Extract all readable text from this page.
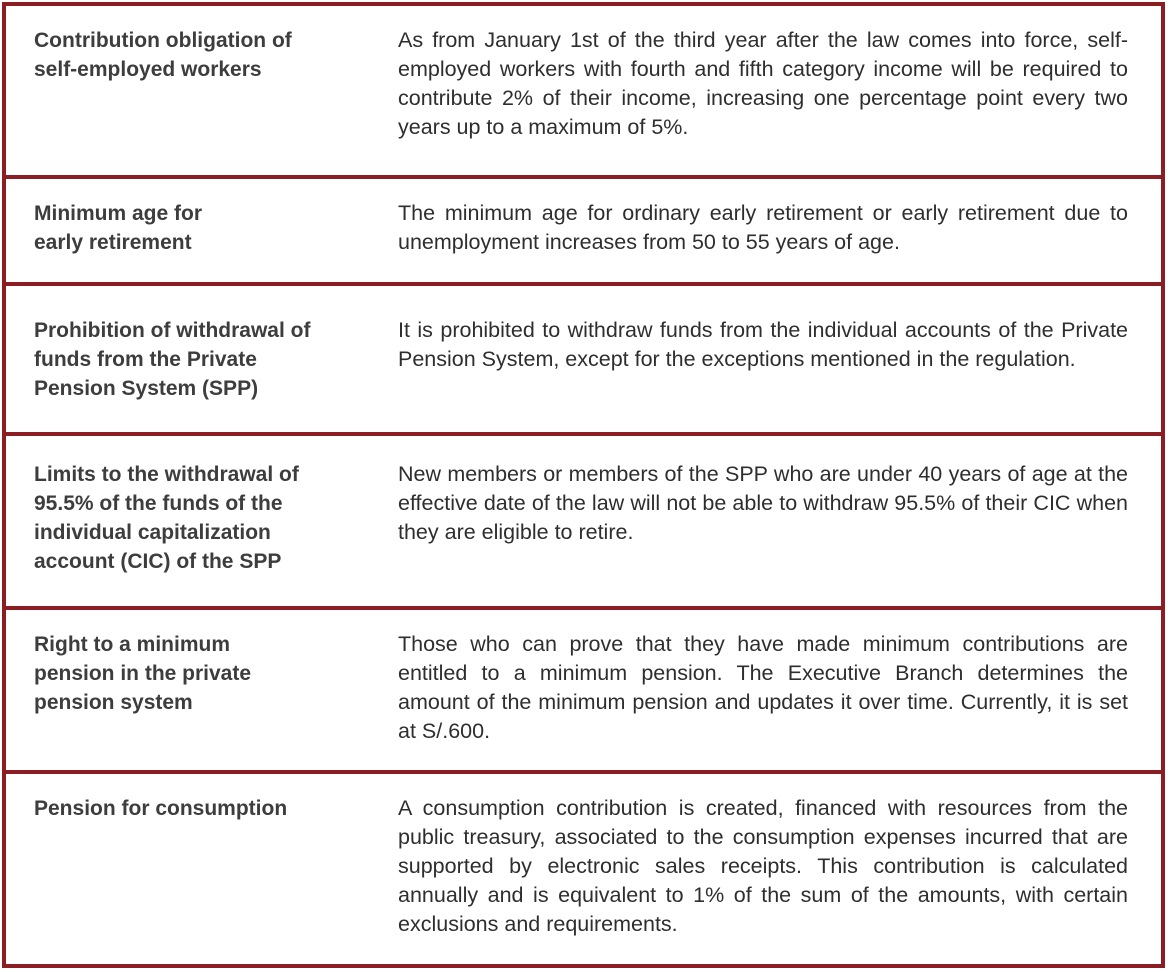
Contribution obligation of self-employed workers
As from January 1st of the third year after the law comes into force, self-employed workers with fourth and fifth category income will be required to contribute 2% of their income, increasing one percentage point every two years up to a maximum of 5%.
Minimum age for early retirement
The minimum age for ordinary early retirement or early retirement due to unemployment increases from 50 to 55 years of age.
Prohibition of withdrawal of funds from the Private Pension System (SPP)
It is prohibited to withdraw funds from the individual accounts of the Private Pension System, except for the exceptions mentioned in the regulation.
Limits to the withdrawal of 95.5% of the funds of the individual capitalization account (CIC) of the SPP
New members or members of the SPP who are under 40 years of age at the effective date of the law will not be able to withdraw 95.5% of their CIC when they are eligible to retire.
Right to a minimum pension in the private pension system
Those who can prove that they have made minimum contributions are entitled to a minimum pension. The Executive Branch determines the amount of the minimum pension and updates it over time. Currently, it is set at S/.600.
Pension for consumption	A consumption contribution is created, financed with resources from the public treasury, associated to the consumption expenses incurred that are supported by electronic sales receipts. This contribution is calculated annually and is equivalent to 1% of the sum of the amounts, with certain exclusions and requirements.
